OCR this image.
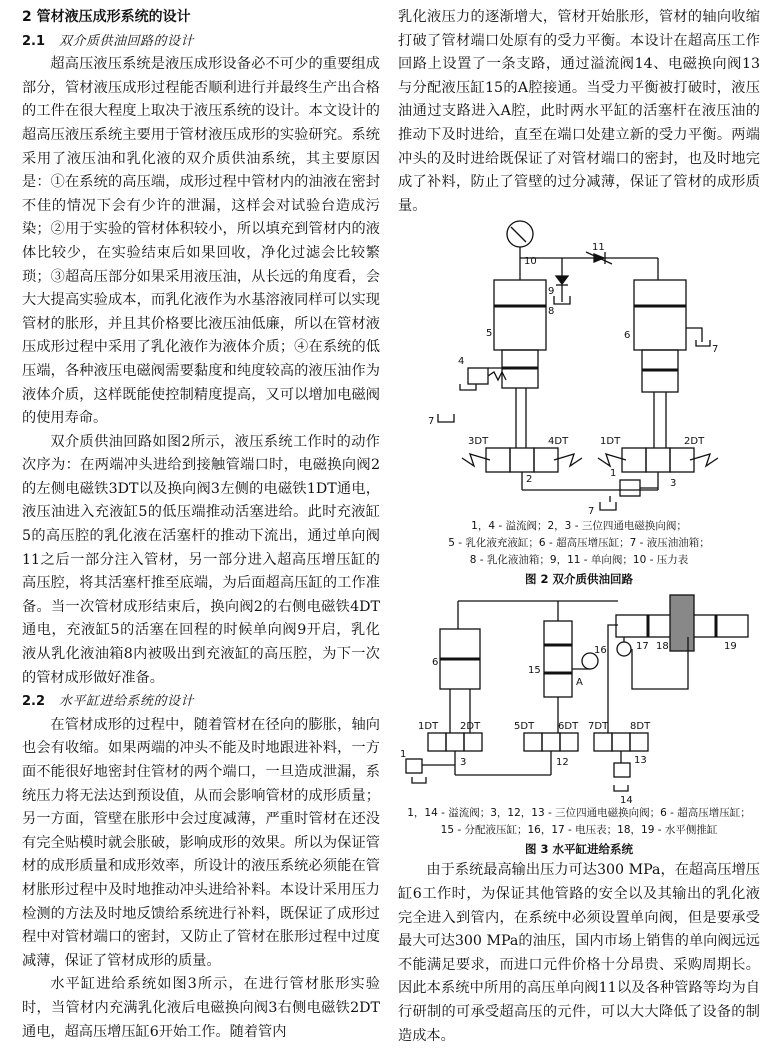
2 管材液压成形系统的设计
2.1 双介质供油回路的设计

超高压液压系统是液压成形设备必不可少的重要组成部分，管材液压成形过程能否顺利进行并最终生产出合格的工件在很大程度上取决于液压系统的设计。本文设计的超高压液压系统主要用于管材液压成形的实验研究。系统采用了液压油和乳化液的双介质供油系统，其主要原因是：①在系统的高压端，成形过程中管材内的油液在密封不佳的情况下会有少许的泄漏，这样会对试验台造成污染；②用于实验的管材体积较小，所以填充到管材内的液体比较少，在实验结束后如果回收，净化过滤会比较繁琐；③超高压部分如果采用液压油，从长远的角度看，会大大提高实验成本，而乳化液作为水基溶液同样可以实现管材的胀形，并且其价格要比液压油低廉，所以在管材液压成形过程中采用了乳化液作为液体介质；④在系统的低压端，各种液压电磁阀需要黏度和纯度较高的液压油作为液体介质，这样既能使控制精度提高，又可以增加电磁阀的使用寿命。

双介质供油回路如图2所示，液压系统工作时的动作次序为：在两端冲头进给到接触管端口时，电磁换向阀2的左侧电磁铁3DT以及换向阀3左侧的电磁铁1DT通电，液压油进入充液缸5的低压端推动活塞进给。此时充液缸5的高压腔的乳化液在活塞杆的推动下流出，通过单向阀11之后一部分注入管材，另一部分进入超高压增压缸的高压腔，将其活塞杆推至底端，为后面超高压缸的工作准备。当一次管材成形结束后，换向阀2的右侧电磁铁4DT通电，充液缸5的活塞在回程的时候单向阀9开启，乳化液从乳化液油箱8内被吸出到充液缸的高压腔，为下一次的管材成形做好准备。

2.2 水平缸进给系统的设计

在管材成形的过程中，随着管材在径向的膨胀，轴向也会有收缩。如果两端的冲头不能及时地跟进补料，一方面不能很好地密封住管材的两个端口，一旦造成泄漏，系统压力将无法达到预设值，从而会影响管材的成形质量；另一方面，管壁在胀形中会过度减薄，严重时管材在还没有完全贴模时就会胀破，影响成形的效果。所以为保证管材的成形质量和成形效率，所设计的液压系统必须能在管材胀形过程中及时地推动冲头进给补料。本设计采用压力检测的方法及时地反馈给系统进行补料，既保证了成形过程中对管材端口的密封，又防止了管材在胀形过程中过度减薄，保证了管材成形的质量。

水平缸进给系统如图3所示，在进行管材胀形实验时，当管材内充满乳化液后电磁换向阀3右侧电磁铁2DT通电，超高压增压缸6开始工作。随着管内

乳化液压力的逐渐增大，管材开始胀形，管材的轴向收缩打破了管材端口处原有的受力平衡。本设计在超高压工作回路上设置了一条支路，通过溢流阀14、电磁换向阀13与分配液压缸15的A腔接通。当受力平衡被打破时，液压油通过支路进入A腔，此时两水平缸的活塞杆在液压油的推动下及时进给，直至在端口处建立新的受力平衡。两端冲头的及时进给既保证了对管材端口的密封，也及时地完成了补料，防止了管壁的过分减薄，保证了管材的成形质量。

10
11
9
8
5	6
7
4
7
3DT	4DT	1DT	2DT
2	3
1
7
1，4 - 溢流阀；2，3 - 三位四通电磁换向阀；
5 - 乳化液充液缸；6 - 超高压增压缸；7 - 液压油油箱；
8 - 乳化液油箱；9，11 - 单向阀；10 - 压力表
图 2 双介质供油回路
6
15
A
16	17 18	19
1DT 2DT	5DT 6DT 7DT 8DT
1
3	12	13
14
1，14 - 溢流阀；3，12，13 - 三位四通电磁换向阀；6 - 超高压增压缸；
15 - 分配液压缸；16，17 - 电压表；18，19 - 水平侧推缸
图 3 水平缸进给系统

由于系统最高输出压力可达300 MPa，在超高压增压缸6工作时，为保证其他管路的安全以及其输出的乳化液完全进入到管内，在系统中必须设置单向阀，但是要承受最大可达300 MPa的油压，国内市场上销售的单向阀远远不能满足要求，而进口元件价格十分昂贵、采购周期长。因此本系统中所用的高压单向阀11以及各种管路等均为自行研制的可承受超高压的元件，可以大大降低了设备的制造成本。
